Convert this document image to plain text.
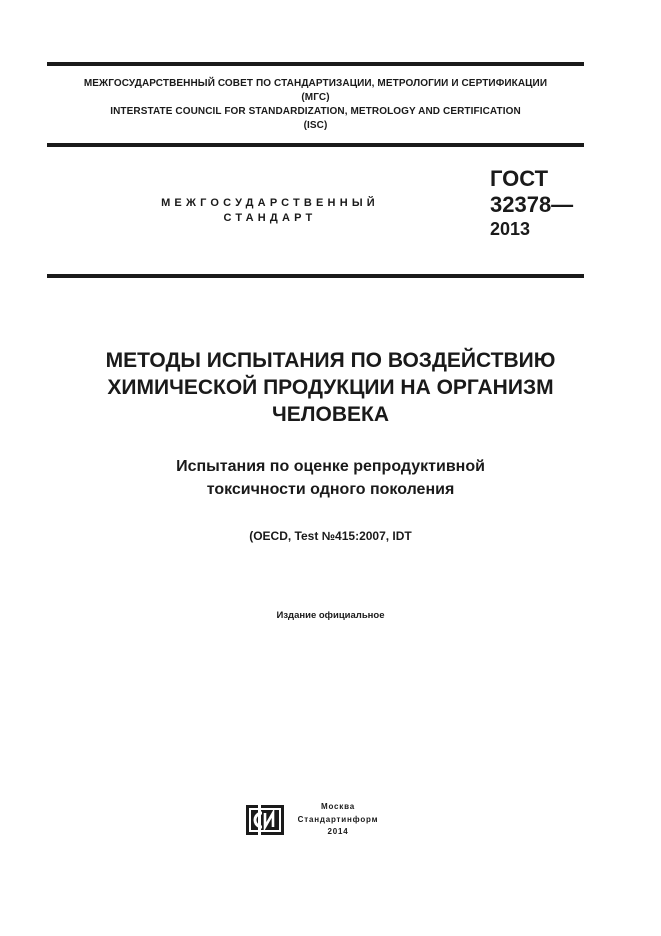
МЕЖГОСУДАРСТВЕННЫЙ СОВЕТ ПО СТАНДАРТИЗАЦИИ, МЕТРОЛОГИИ И СЕРТИФИКАЦИИ
(МГС)
INTERSTATE COUNCIL FOR STANDARDIZATION, METROLOGY AND CERTIFICATION
(ISC)
МЕЖГОСУДАРСТВЕННЫЙ
СТАНДАРТ
ГОСТ
32378—
2013
МЕТОДЫ ИСПЫТАНИЯ ПО ВОЗДЕЙСТВИЮ
ХИМИЧЕСКОЙ ПРОДУКЦИИ НА ОРГАНИЗМ
ЧЕЛОВЕКА
Испытания по оценке репродуктивной
токсичности одного поколения
(OECD, Test №415:2007, IDT
Издание официальное
Москва
Стандартинформ
2014
